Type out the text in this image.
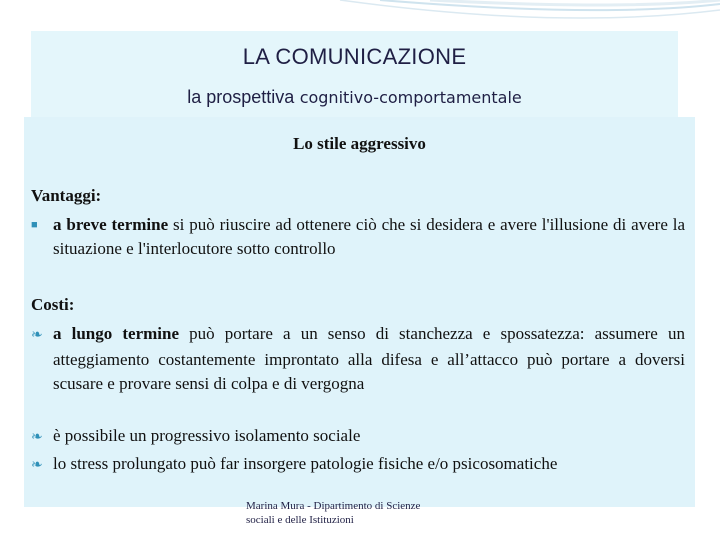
LA COMUNICAZIONE
la prospettiva cognitivo-comportamentale
Lo stile aggressivo
Vantaggi:
■ a breve termine si può riuscire ad ottenere ciò che si desidera e avere l'illusione di avere la situazione e l'interlocutore sotto controllo
Costi:
❧ a lungo termine può portare a un senso di stanchezza e spossatezza: assumere un atteggiamento costantemente improntato alla difesa e all’attacco può portare a doversi scusare e provare sensi di colpa e di vergogna
❧ è possibile un progressivo isolamento sociale
❧ lo stress prolungato può far insorgere patologie fisiche e/o psicosomatiche
Marina Mura - Dipartimento di Scienze
sociali e delle Istituzioni
